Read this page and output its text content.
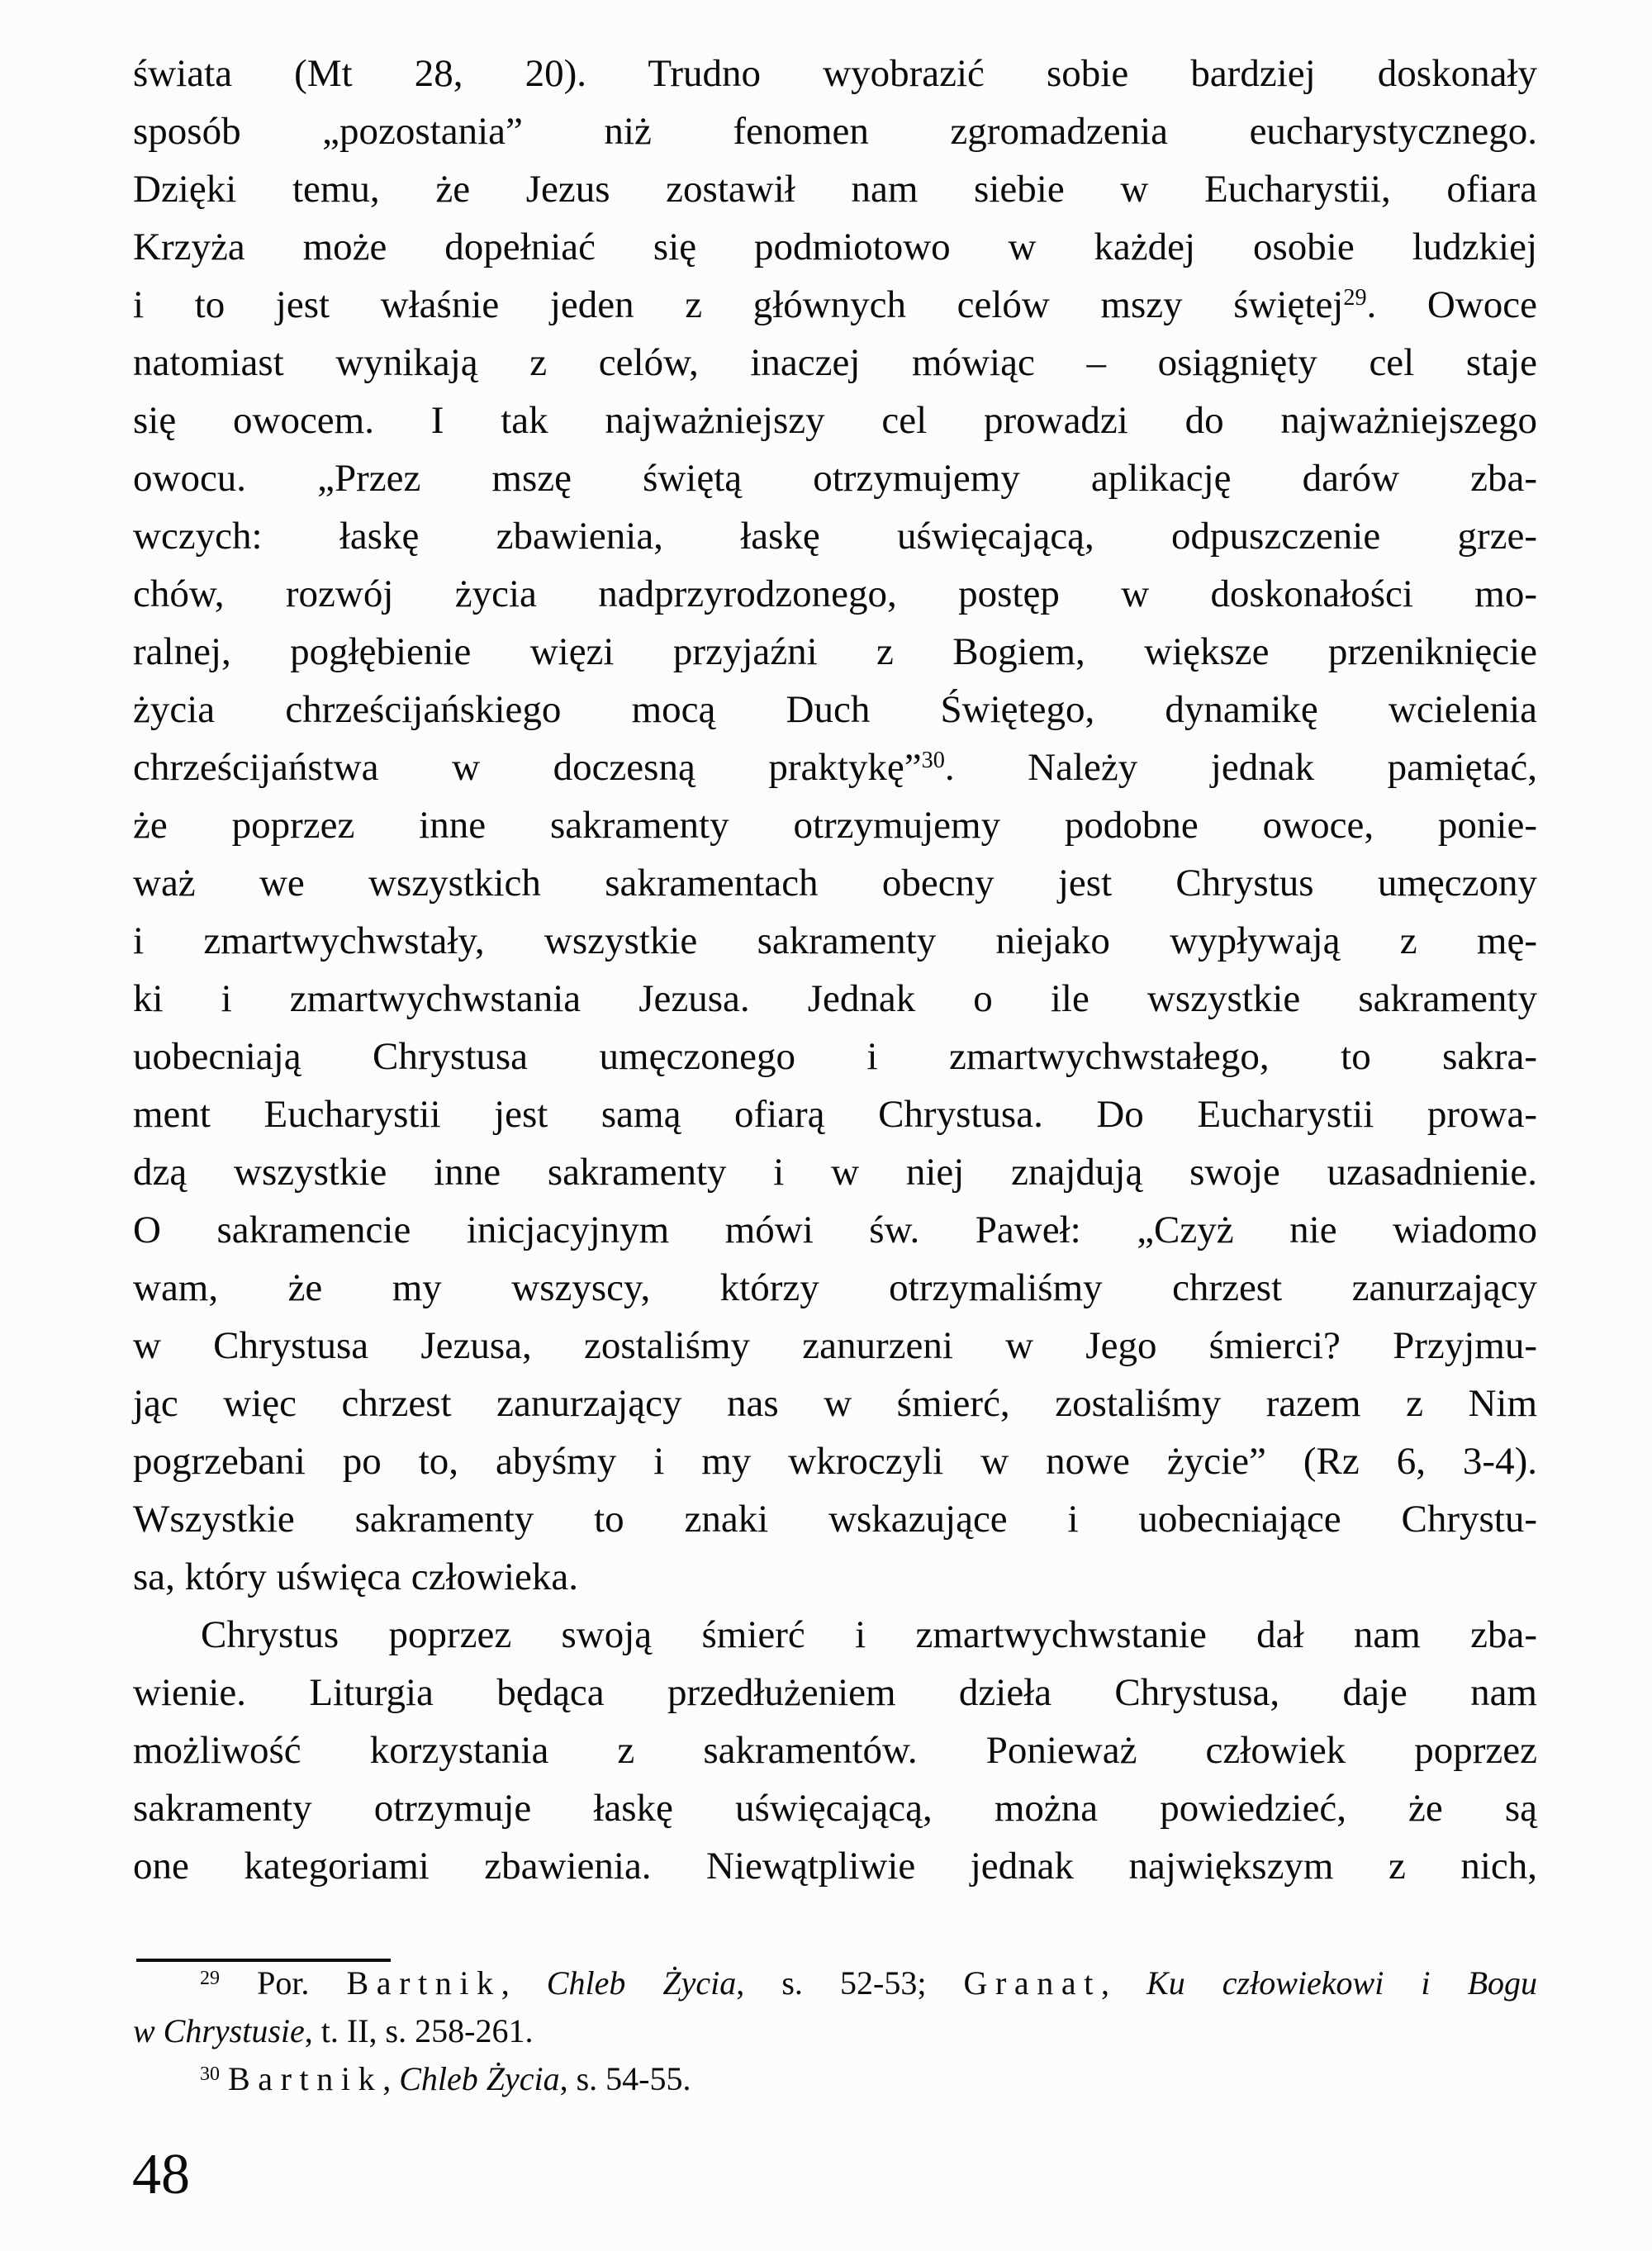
świata (Mt 28, 20). Trudno wyobrazić sobie bardziej doskonały
sposób „pozostania” niż fenomen zgromadzenia eucharystycznego.
Dzięki temu, że Jezus zostawił nam siebie w Eucharystii, ofiara
Krzyża może dopełniać się podmiotowo w każdej osobie ludzkiej
i to jest właśnie jeden z głównych celów mszy świętej$^{29}$. Owoce
natomiast wynikają z celów, inaczej mówiąc – osiągnięty cel staje
się owocem. I tak najważniejszy cel prowadzi do najważniejszego
owocu. „Przez mszę świętą otrzymujemy aplikację darów zba-
wczych: łaskę zbawienia, łaskę uświęcającą, odpuszczenie grze-
chów, rozwój życia nadprzyrodzonego, postęp w doskonałości mo-
ralnej, pogłębienie więzi przyjaźni z Bogiem, większe przeniknięcie
życia chrześcijańskiego mocą Duch Świętego, dynamikę wcielenia
chrześcijaństwa w doczesną praktykę”$^{30}$. Należy jednak pamiętać,
że poprzez inne sakramenty otrzymujemy podobne owoce, ponie-
waż we wszystkich sakramentach obecny jest Chrystus umęczony
i zmartwychwstały, wszystkie sakramenty niejako wypływają z mę-
ki i zmartwychwstania Jezusa. Jednak o ile wszystkie sakramenty
uobecniają Chrystusa umęczonego i zmartwychwstałego, to sakra-
ment Eucharystii jest samą ofiarą Chrystusa. Do Eucharystii prowa-
dzą wszystkie inne sakramenty i w niej znajdują swoje uzasadnienie.
O sakramencie inicjacyjnym mówi św. Paweł: „Czyż nie wiadomo
wam, że my wszyscy, którzy otrzymaliśmy chrzest zanurzający
w Chrystusa Jezusa, zostaliśmy zanurzeni w Jego śmierci? Przyjmu-
jąc więc chrzest zanurzający nas w śmierć, zostaliśmy razem z Nim
pogrzebani po to, abyśmy i my wkroczyli w nowe życie” (Rz 6, 3-4).
Wszystkie sakramenty to znaki wskazujące i uobecniające Chrystu-
sa, który uświęca człowieka.
Chrystus poprzez swoją śmierć i zmartwychwstanie dał nam zba-
wienie. Liturgia będąca przedłużeniem dzieła Chrystusa, daje nam
możliwość korzystania z sakramentów. Ponieważ człowiek poprzez
sakramenty otrzymuje łaskę uświęcającą, można powiedzieć, że są
one kategoriami zbawienia. Niewątpliwie jednak największym z nich,
$^{29}$ Por. Bartnik, Chleb Życia, s. 52-53; Granat, Ku człowiekowi i Bogu
w Chrystusie, t. II, s. 258-261.
$^{30}$ Bartnik, Chleb Życia, s. 54-55.
48
